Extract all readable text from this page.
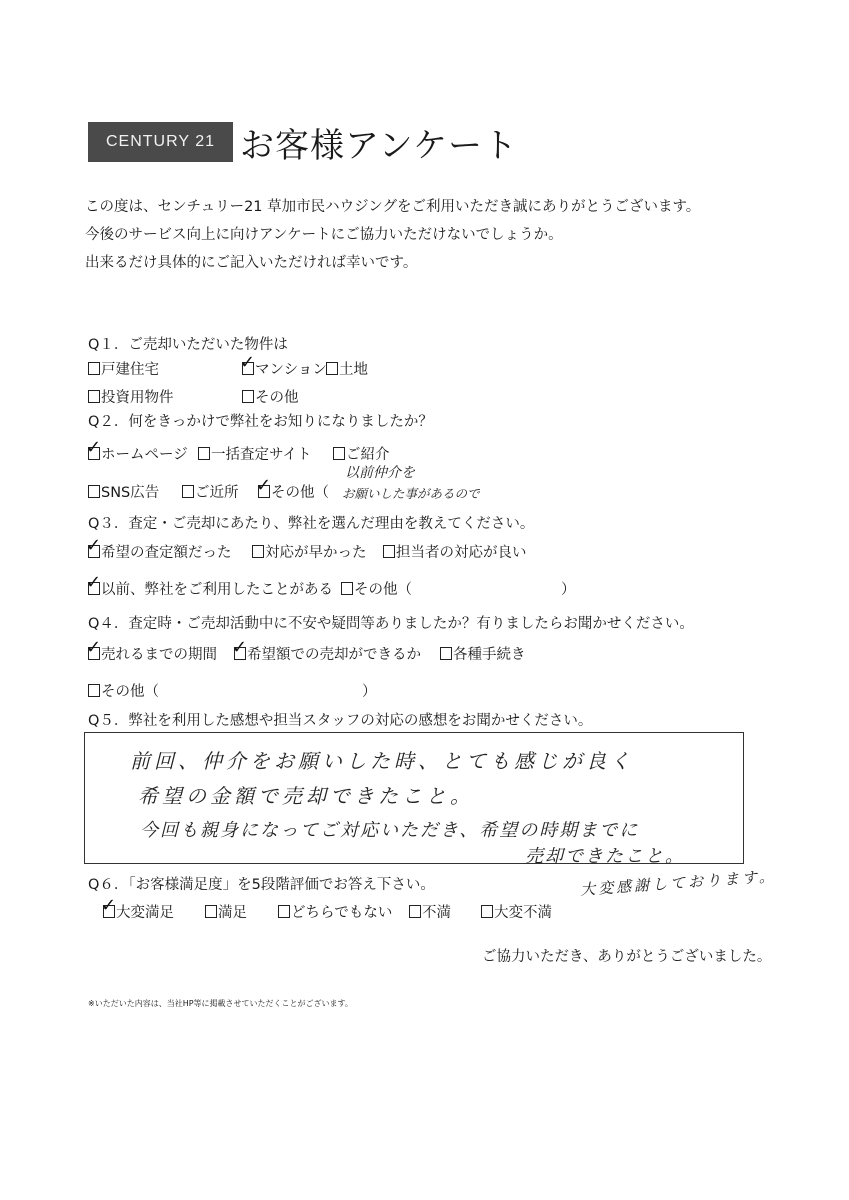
CENTURY 21 お客様アンケート
この度は、センチュリー21 草加市民ハウジングをご利用いただき誠にありがとうございます。
今後のサービス向上に向けアンケートにご協力いただけないでしょうか。
出来るだけ具体的にご記入いただければ幸いです。
Q１．ご売却いただいた物件は
戸建住宅	✓ マンション 土地
投資用物件	その他
Q２．何をきっかけで弊社をお知りになりましたか？
✓ ホームページ	一括査定サイト	ご紹介
SNS広告	ご近所 ✓ その他（
以前仲介を
お願いした事があるので
Q３．査定・ご売却にあたり、弊社を選んだ理由を教えてください。
✓ 希望の査定額だった	対応が早かった	担当者の対応が良い
✓ 以前、弊社をご利用したことがある	その他（	）
Q４．査定時・ご売却活動中に不安や疑問等ありましたか？有りましたらお聞かせください。
✓ 売れるまでの期間 ✓ 希望額での売却ができるか	各種手続き
その他（	）
Q５．弊社を利用した感想や担当スタッフの対応の感想をお聞かせください。
前回、仲介をお願いした時、とても感じが良く
希望の金額で売却できたこと。
今回も親身になってご対応いただき、希望の時期までに
売却できたこと。
大変感謝しております。
Q６．「お客様満足度」を5段階評価でお答え下さい。
✓ 大変満足	満足	どちらでもない	不満	大変不満
ご協力いただき、ありがとうございました。
※いただいた内容は、当社HP等に掲載させていただくことがございます。
